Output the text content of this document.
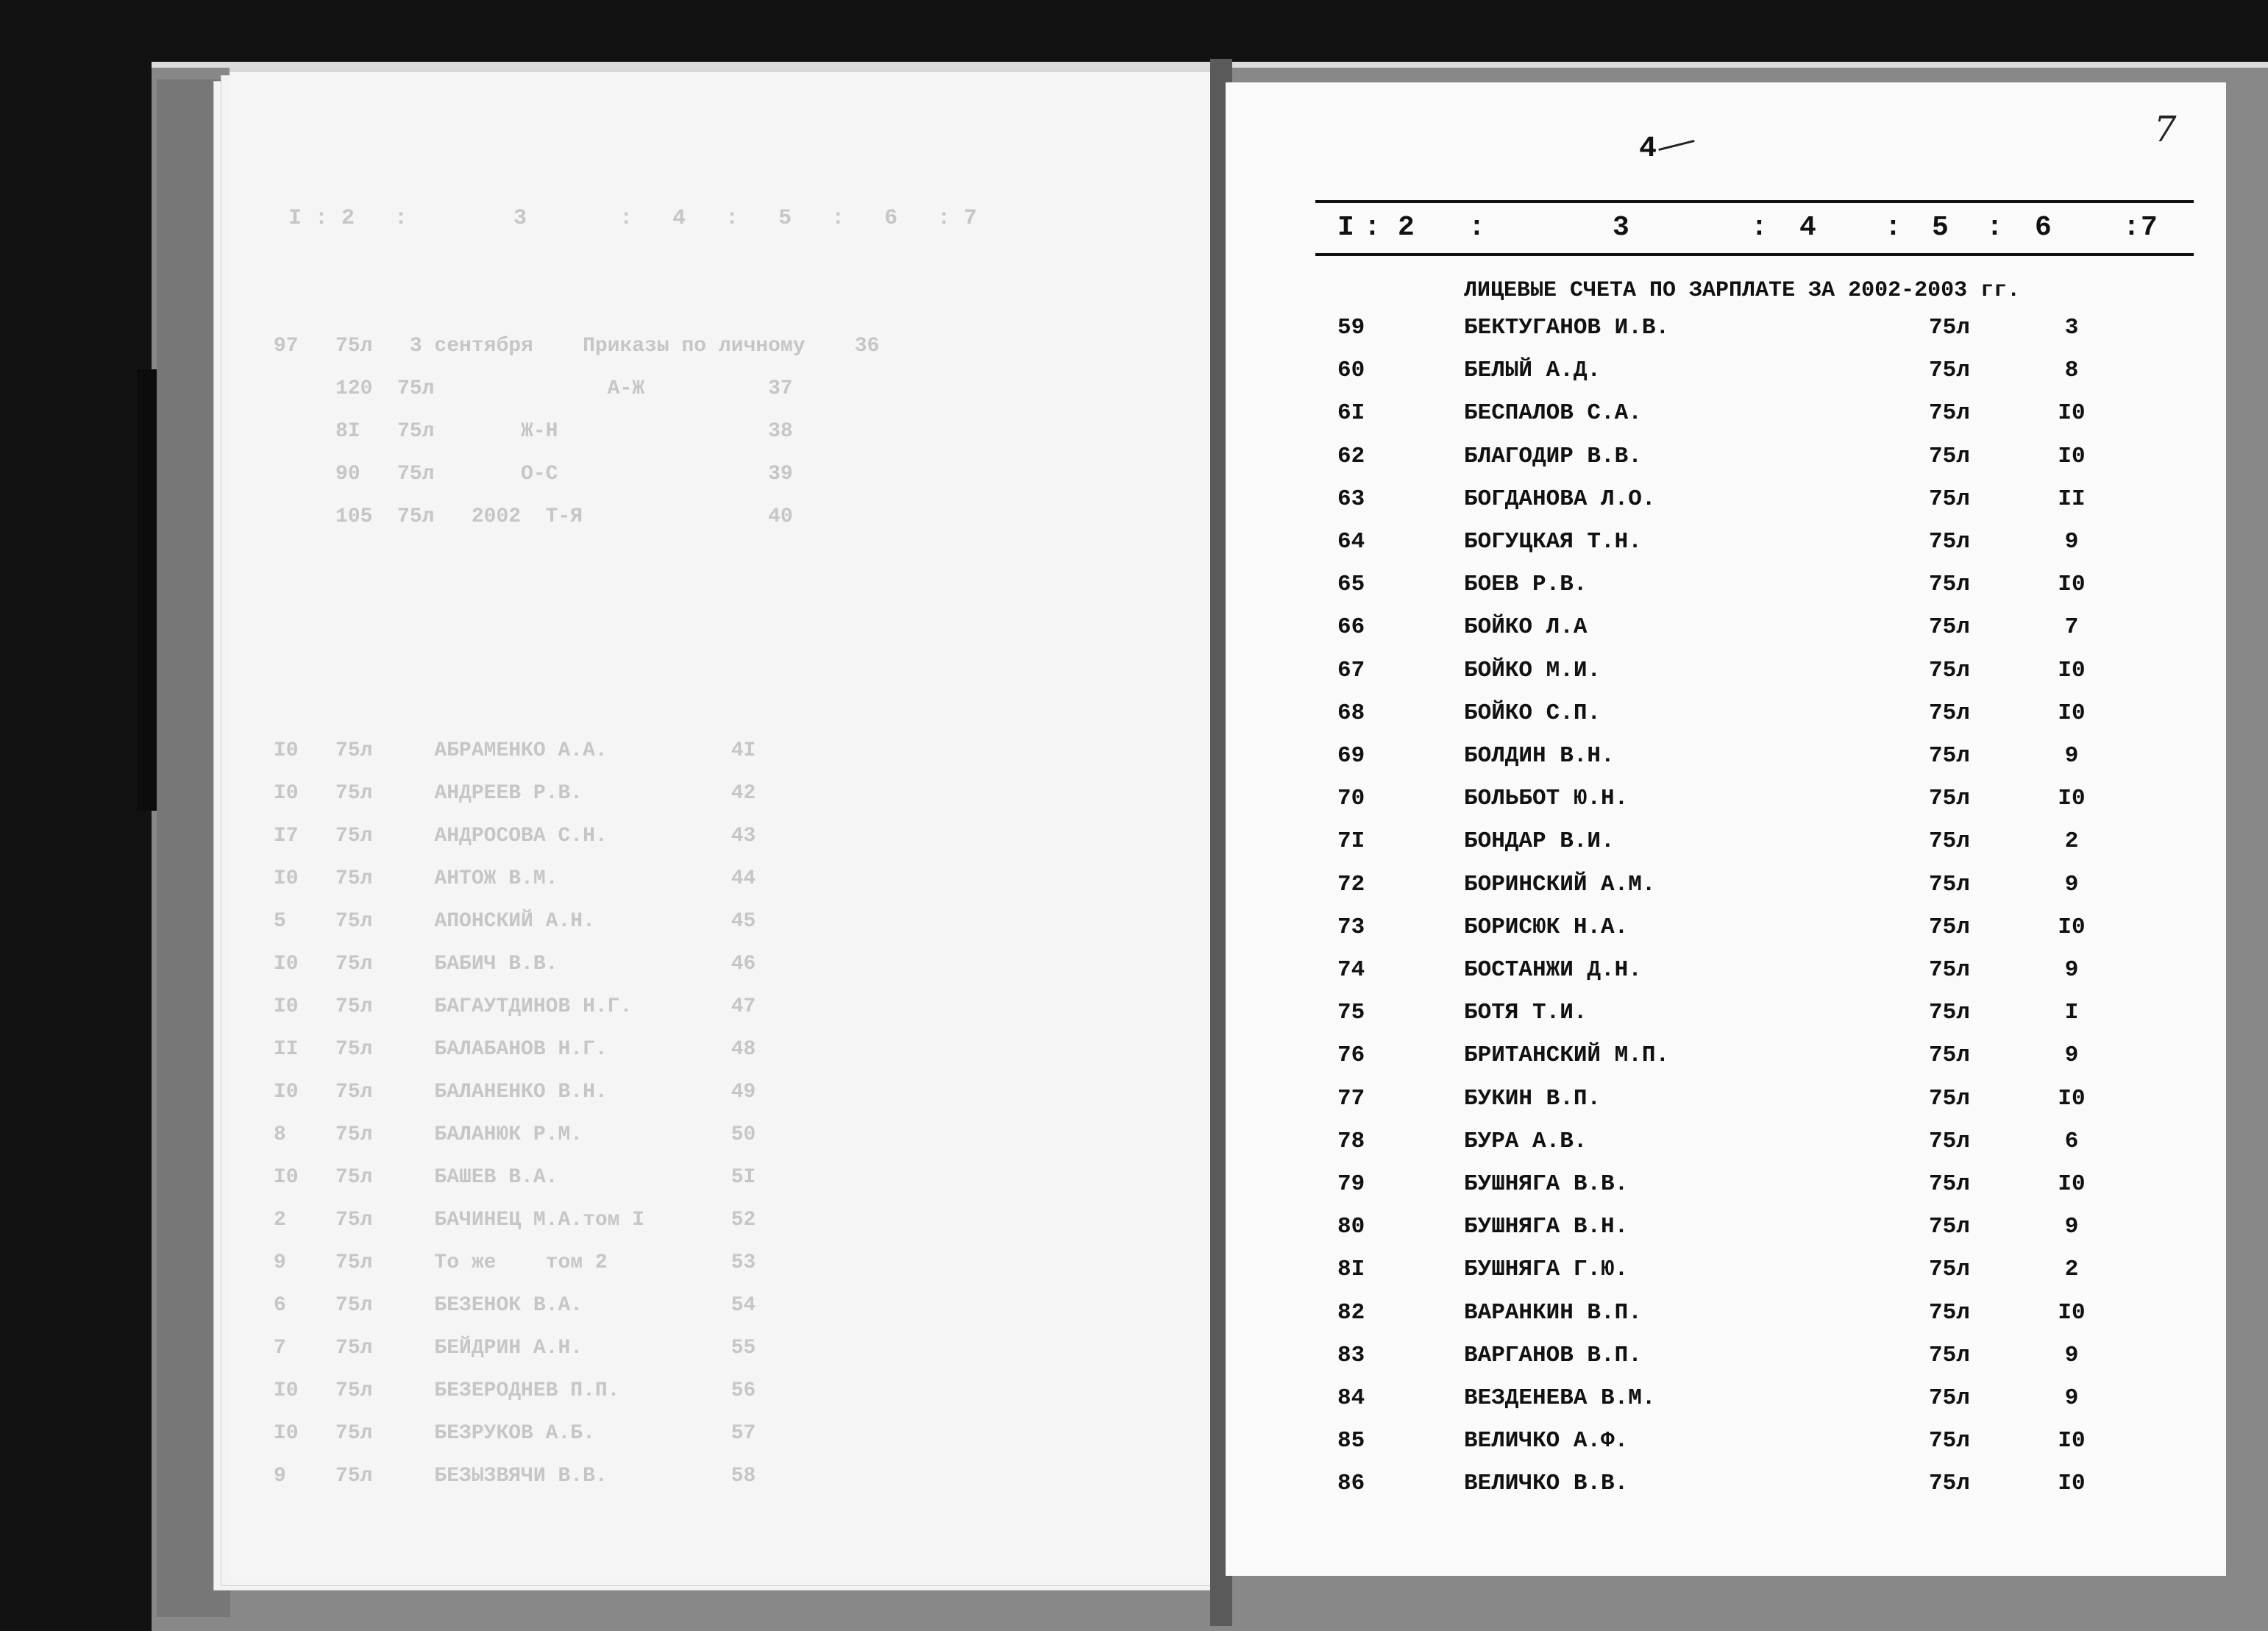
I : 2   :        3       :   4   :   5   :   6   : 7
97   75л   3 сентября    Приказы по личному    36
120  75л              А-Ж          37
8I   75л       Ж-Н                 38
90   75л       О-С                 39
105  75л   2002  Т-Я               40

I0   75л     АБРАМЕНКО А.А.          4I
I0   75л     АНДРЕЕВ Р.В.            42
I7   75л     АНДРОСОВА С.Н.          43
I0   75л     АНТОЖ В.М.              44
5    75л     АПОНСКИЙ А.Н.           45
I0   75л     БАБИЧ В.В.              46
I0   75л     БАГАУТДИНОВ Н.Г.        47
II   75л     БАЛАБАНОВ Н.Г.          48
I0   75л     БАЛАНЕНКО В.Н.          49
8    75л     БАЛАНЮК Р.М.            50
I0   75л     БАШЕВ В.А.              5I
2    75л     БАЧИНЕЦ М.А.том I       52
9    75л     То же    том 2          53
6    75л     БЕЗЕНОК В.А.            54
7    75л     БЕЙДРИН А.Н.            55
I0   75л     БЕЗЕРОДНЕВ П.П.         56
I0   75л     БЕЗРУКОВ А.Б.           57
9    75л     БЕЗЫЗВЯЧИ В.В.          58

7
4
I : 2 :	3	: 4 : 5 : 6	: 7
ЛИЦЕВЫЕ СЧЕТА ПО ЗАРПЛАТЕ ЗА 2002-2003 гг.
59	БЕКТУГАНОВ И.В.	75л	3
60	БЕЛЫЙ А.Д.	75л	8
6I	БЕСПАЛОВ С.А.	75л	I0
62	БЛАГОДИР В.В.	75л	I0
63	БОГДАНОВА Л.О.	75л	II
64	БОГУЦКАЯ Т.Н.	75л	9
65	БОЕВ Р.В.	75л	I0
66	БОЙКО Л.А	75л	7
67	БОЙКО М.И.	75л	I0
68	БОЙКО С.П.	75л	I0
69	БОЛДИН В.Н.	75л	9
70	БОЛЬБОТ Ю.Н.	75л	I0
7I	БОНДАР В.И.	75л	2
72	БОРИНСКИЙ А.М.	75л	9
73	БОРИСЮК Н.А.	75л	I0
74	БОСТАНЖИ Д.Н.	75л	9
75	БОТЯ Т.И.	75л	I
76	БРИТАНСКИЙ М.П.	75л	9
77	БУКИН В.П.	75л	I0
78	БУРА А.В.	75л	6
79	БУШНЯГА В.В.	75л	I0
80	БУШНЯГА В.Н.	75л	9
8I	БУШНЯГА Г.Ю.	75л	2
82	ВАРАНКИН В.П.	75л	I0
83	ВАРГАНОВ В.П.	75л	9
84	ВЕЗДЕНЕВА В.М.	75л	9
85	ВЕЛИЧКО А.Ф.	75л	I0
86	ВЕЛИЧКО В.В.	75л	I0
